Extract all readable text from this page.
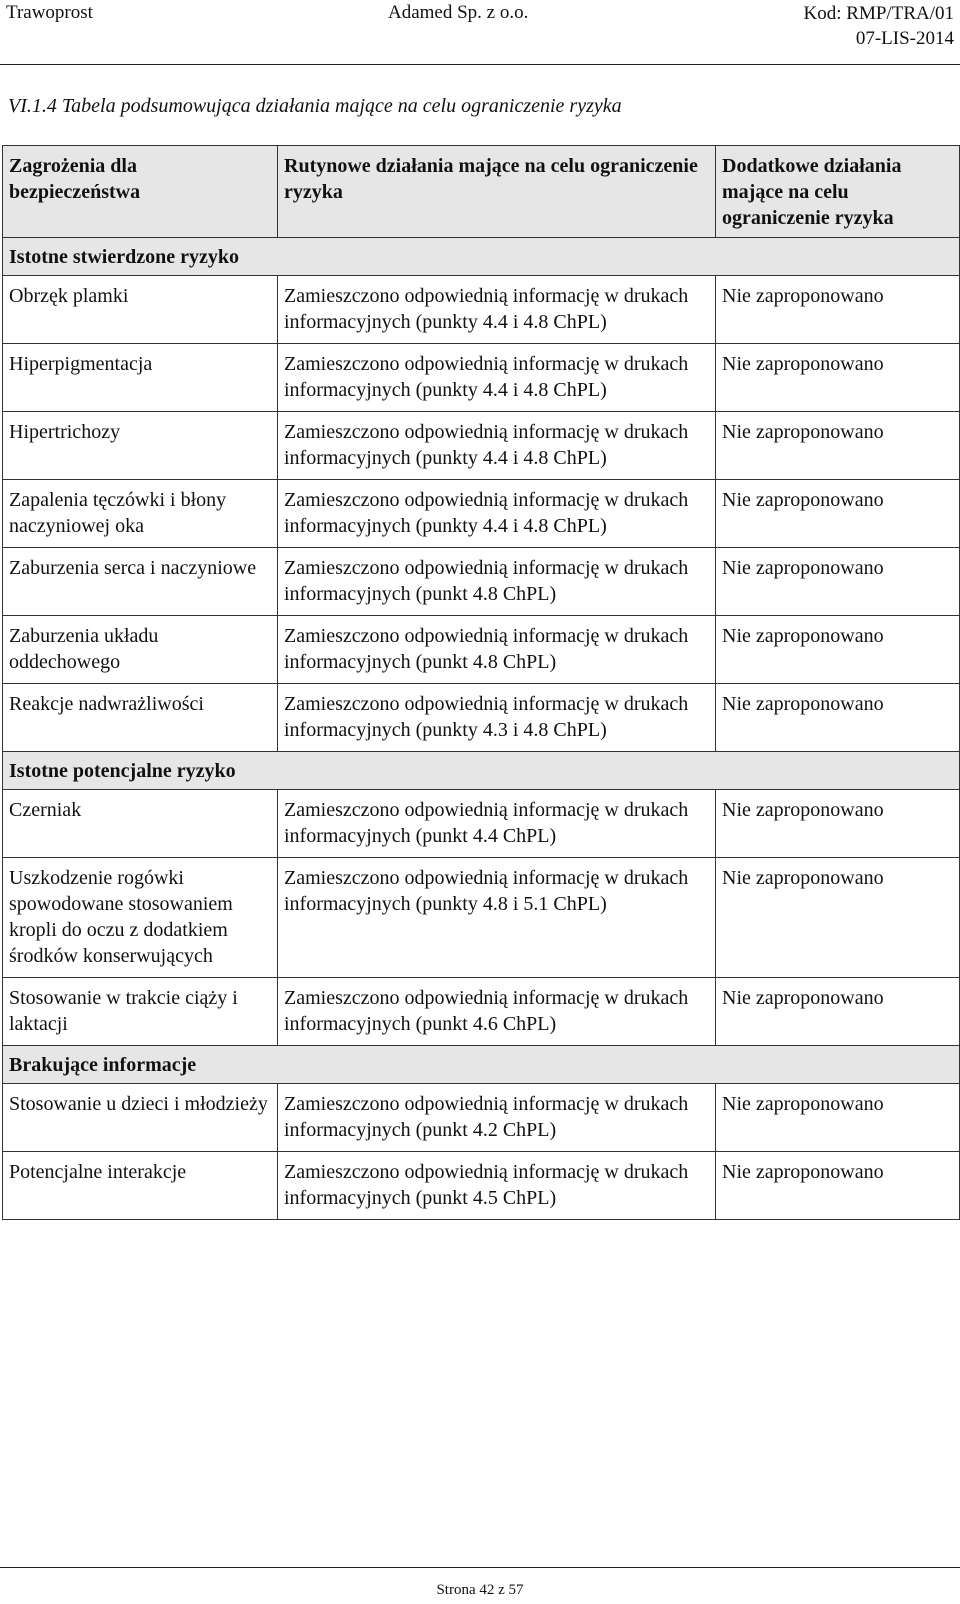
Trawoprost	Adamed Sp. z o.o.	Kod: RMP/TRA/01
07-LIS-2014
VI.1.4 Tabela podsumowująca działania mające na celu ograniczenie ryzyka
Zagrożenia dla bezpieczeństwa	Rutynowe działania mające na celu ograniczenie ryzyka	Dodatkowe działania mające na celu ograniczenie ryzyka
Istotne stwierdzone ryzyko		
Obrzęk plamki	Zamieszczono odpowiednią informację w drukach informacyjnych (punkty 4.4 i 4.8 ChPL)	Nie zaproponowano
Hiperpigmentacja	Zamieszczono odpowiednią informację w drukach informacyjnych (punkty 4.4 i 4.8 ChPL)	Nie zaproponowano
Hipertrichozy	Zamieszczono odpowiednią informację w drukach informacyjnych (punkty 4.4 i 4.8 ChPL)	Nie zaproponowano
Zapalenia tęczówki i błony naczyniowej oka	Zamieszczono odpowiednią informację w drukach informacyjnych (punkty 4.4 i 4.8 ChPL)	Nie zaproponowano
Zaburzenia serca i naczyniowe	Zamieszczono odpowiednią informację w drukach informacyjnych (punkt 4.8 ChPL)	Nie zaproponowano
Zaburzenia układu oddechowego	Zamieszczono odpowiednią informację w drukach informacyjnych (punkt 4.8 ChPL)	Nie zaproponowano
Reakcje nadwrażliwości	Zamieszczono odpowiednią informację w drukach informacyjnych (punkty 4.3 i 4.8 ChPL)	Nie zaproponowano
Istotne potencjalne ryzyko		
Czerniak	Zamieszczono odpowiednią informację w drukach informacyjnych (punkt 4.4 ChPL)	Nie zaproponowano
Uszkodzenie rogówki spowodowane stosowaniem kropli do oczu z dodatkiem środków konserwujących	Zamieszczono odpowiednią informację w drukach informacyjnych (punkty 4.8 i 5.1 ChPL)	Nie zaproponowano
Stosowanie w trakcie ciąży i laktacji	Zamieszczono odpowiednią informację w drukach informacyjnych (punkt 4.6 ChPL)	Nie zaproponowano
Brakujące informacje		
Stosowanie u dzieci i młodzieży	Zamieszczono odpowiednią informację w drukach informacyjnych (punkt 4.2 ChPL)	Nie zaproponowano
Potencjalne interakcje	Zamieszczono odpowiednią informację w drukach informacyjnych (punkt 4.5 ChPL)	Nie zaproponowano
Strona 42 z 57
